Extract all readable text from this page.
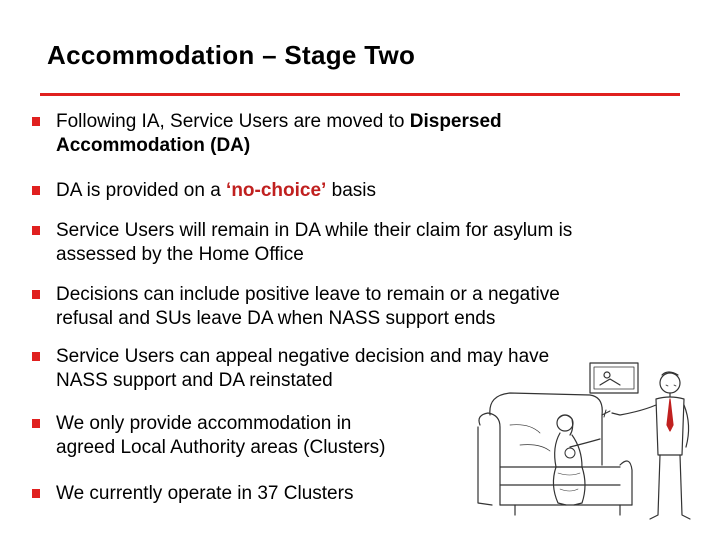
Accommodation – Stage Two
Following IA, Service Users are moved to Dispersed
Accommodation (DA)
DA is provided on a ‘no-choice’ basis
Service Users will remain in DA while their claim for asylum is
assessed by the Home Office
Decisions can include positive leave to remain or a negative
refusal and SUs leave DA when NASS support ends
Service Users can appeal negative decision and may have
NASS support and DA reinstated
We only provide accommodation in
agreed Local Authority areas (Clusters)
We currently operate in 37 Clusters
